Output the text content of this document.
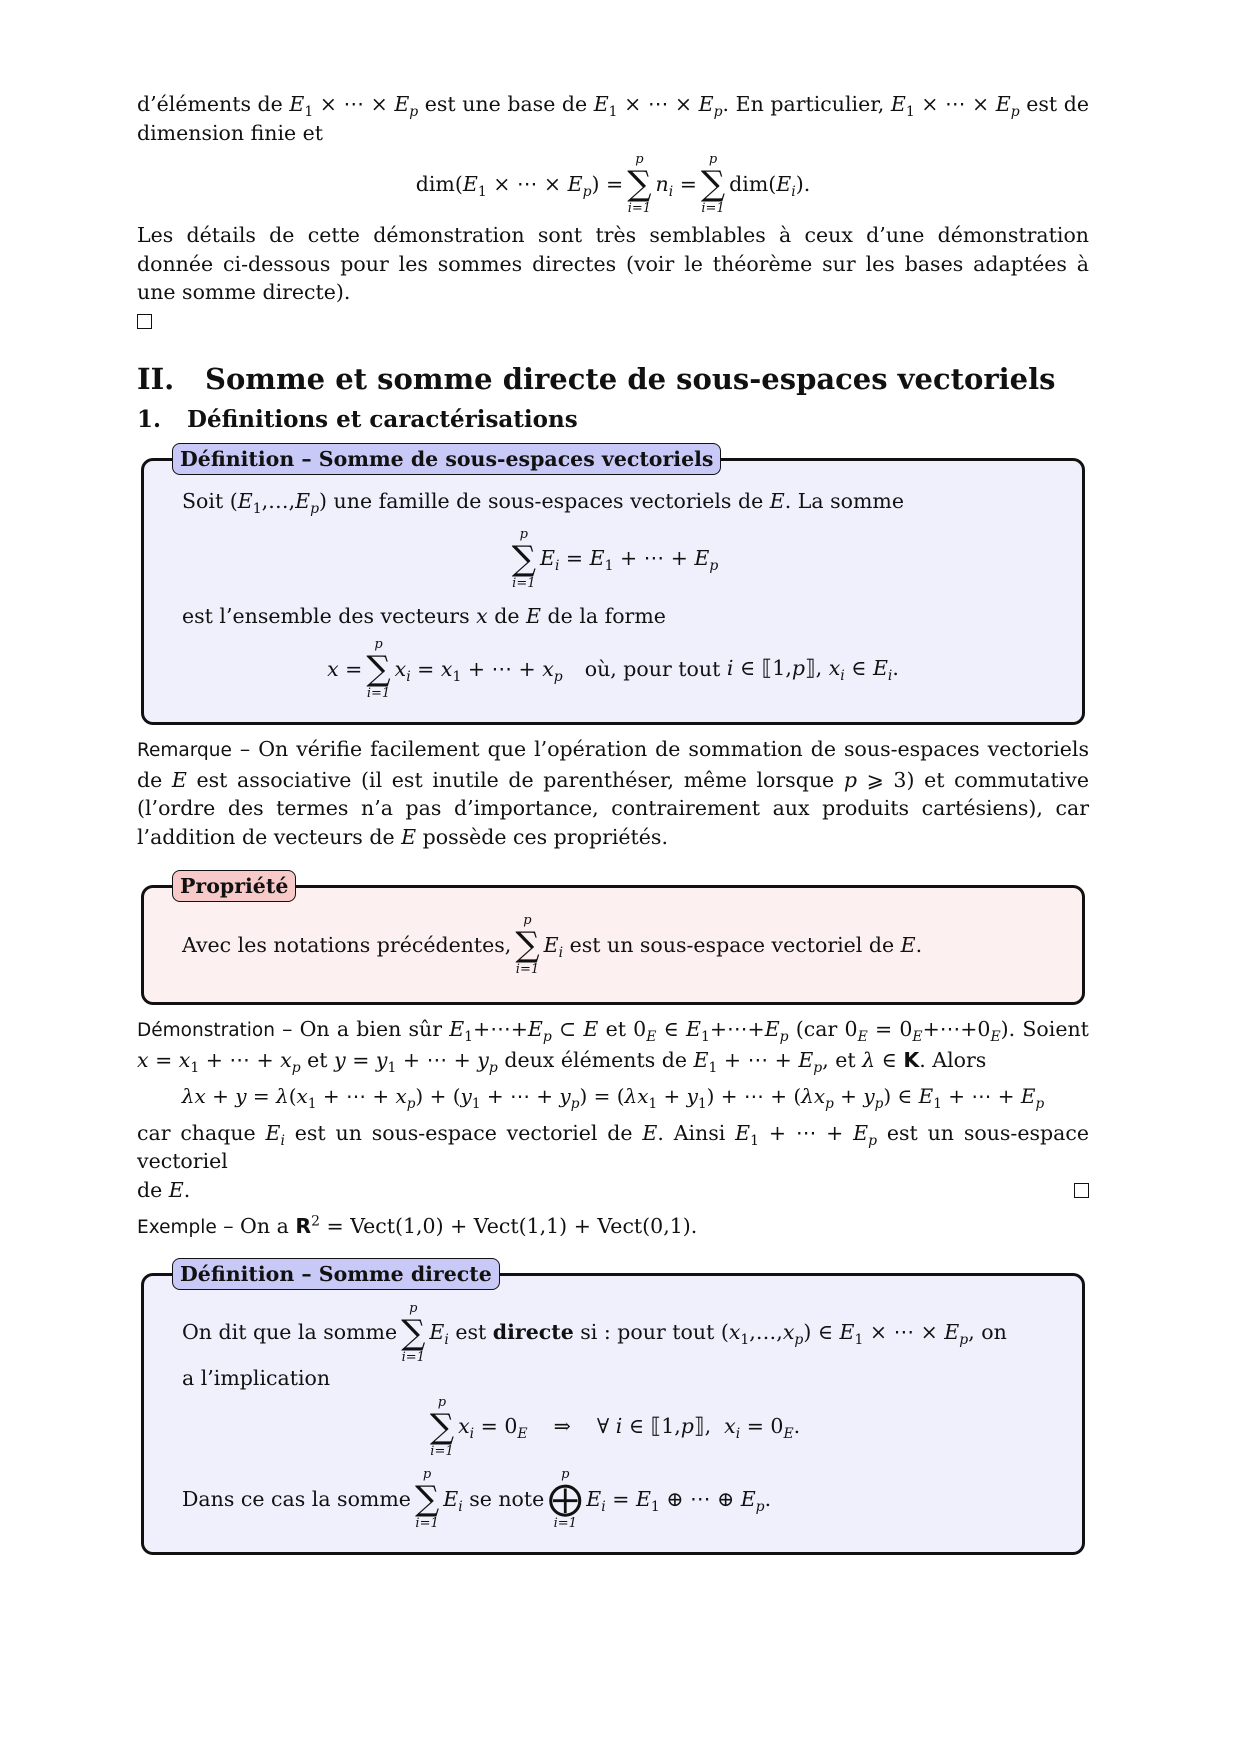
d’éléments de $E_1$ × ⋯ × $E_p$ est une base de $E_1$ × ⋯ × $E_p$. En particulier, $E_1$ × ⋯ × $E_p$ est de dimension finie et

$dim(E_1$ × ⋯ × $E_p$) =
p
∑
i=1
$n_i$ =
p
∑
i=1
$dim(E_i)$.

Les détails de cette démonstration sont très semblables à ceux d’une démonstration donnée ci-dessous pour les sommes directes (voir le théorème sur les bases adaptées à une somme directe).

II.	Somme et somme directe de sous-espaces vectoriels
1.	Définitions et caractérisations
Définition – Somme de sous-espaces vectoriels

Soit $(E_1,\dots,E_p)$ une famille de sous-espaces vectoriels de E. La somme

p
∑
i=1
$E_i = E_1$ + ⋯ + $E_p$

est l’ensemble des vecteurs x de E de la forme

x =
p
∑
i=1
$x_i = x_1$ + ⋯ + $x_p$ où, pour tout i ∈ ⟦1,p⟧, $x_i$ ∈ $E_i$.

Remarque – On vérifie facilement que l’opération de sommation de sous-espaces vectoriels de E est associative (il est inutile de parenthéser, même lorsque p ⩾ 3) et commutative (l’ordre des termes n’a pas d’importance, contrairement aux produits cartésiens), car l’addition de vecteurs de E possède ces propriétés.

Propriété

Avec les notations précédentes,
p
∑
i=1
$E_i$ est un sous-espace vectoriel de
E .

Démonstration – On a bien sûr $E_1+\cdots+E_p$ ⊂ E et $0_E$ ∈ $E_1+\cdots+E_p$ (car $0_E$ = $0_E+\cdots+0_E$). Soient $x = x_1$ + ⋯ + $x_p$ et $y = y_1$ + ⋯ + $y_p$ deux éléments de $E_1$ + ⋯ + $E_p$, et λ ∈ K. Alors

$\lambda x + y = \lambda(x_1$ + ⋯ + $x_p) + (y_1$ + ⋯ + $y_p) = (\lambda x_1 + y_1)$ + ⋯ + $(\lambda x_p + y_p)$ ∈ $E_1$ + ⋯ + $E_p$

car chaque $E_i$ est un sous-espace vectoriel de E. Ainsi $E_1$ + ⋯ + $E_p$ est un sous-espace vectoriel

de E.

Exemple – On a $R^2$ = Vect(1,0) + Vect(1,1) + Vect(0,1).

Définition – Somme directe

On dit que la somme
p
∑
i=1
$E_i$ est
directe
si : pour tout $(x_1,\dots,x_p)$ ∈ $E_1$ × ⋯ × $E_p$ , on

a l’implication

p
∑
i=1
$x_i = 0_E$    ⇒    ∀ i ∈ ⟦1,p⟧,  $x_i = 0_E$.

Dans ce cas la somme
p
∑
i=1
$E_i$ se note
p
⨁
i=1
$E_i = E_1$ ⊕ ⋯ ⊕ $E_p$.
